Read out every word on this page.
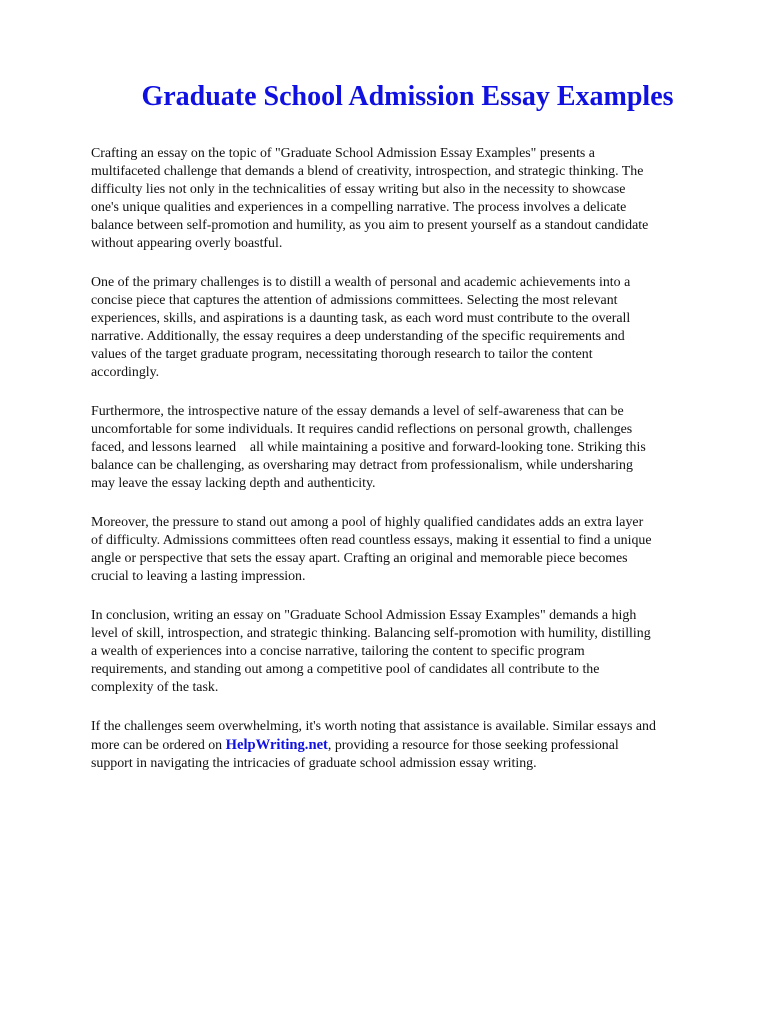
Graduate School Admission Essay Examples

Crafting an essay on the topic of "Graduate School Admission Essay Examples" presents a
multifaceted challenge that demands a blend of creativity, introspection, and strategic thinking. The
difficulty lies not only in the technicalities of essay writing but also in the necessity to showcase
one's unique qualities and experiences in a compelling narrative. The process involves a delicate
balance between self-promotion and humility, as you aim to present yourself as a standout candidate
without appearing overly boastful.

One of the primary challenges is to distill a wealth of personal and academic achievements into a
concise piece that captures the attention of admissions committees. Selecting the most relevant
experiences, skills, and aspirations is a daunting task, as each word must contribute to the overall
narrative. Additionally, the essay requires a deep understanding of the specific requirements and
values of the target graduate program, necessitating thorough research to tailor the content
accordingly.

Furthermore, the introspective nature of the essay demands a level of self-awareness that can be
uncomfortable for some individuals. It requires candid reflections on personal growth, challenges
faced, and lessons learned    all while maintaining a positive and forward-looking tone. Striking this
balance can be challenging, as oversharing may detract from professionalism, while undersharing
may leave the essay lacking depth and authenticity.

Moreover, the pressure to stand out among a pool of highly qualified candidates adds an extra layer
of difficulty. Admissions committees often read countless essays, making it essential to find a unique
angle or perspective that sets the essay apart. Crafting an original and memorable piece becomes
crucial to leaving a lasting impression.

In conclusion, writing an essay on "Graduate School Admission Essay Examples" demands a high
level of skill, introspection, and strategic thinking. Balancing self-promotion with humility, distilling
a wealth of experiences into a concise narrative, tailoring the content to specific program
requirements, and standing out among a competitive pool of candidates all contribute to the
complexity of the task.

If the challenges seem overwhelming, it's worth noting that assistance is available. Similar essays and
more can be ordered on HelpWriting.net, providing a resource for those seeking professional
support in navigating the intricacies of graduate school admission essay writing.
